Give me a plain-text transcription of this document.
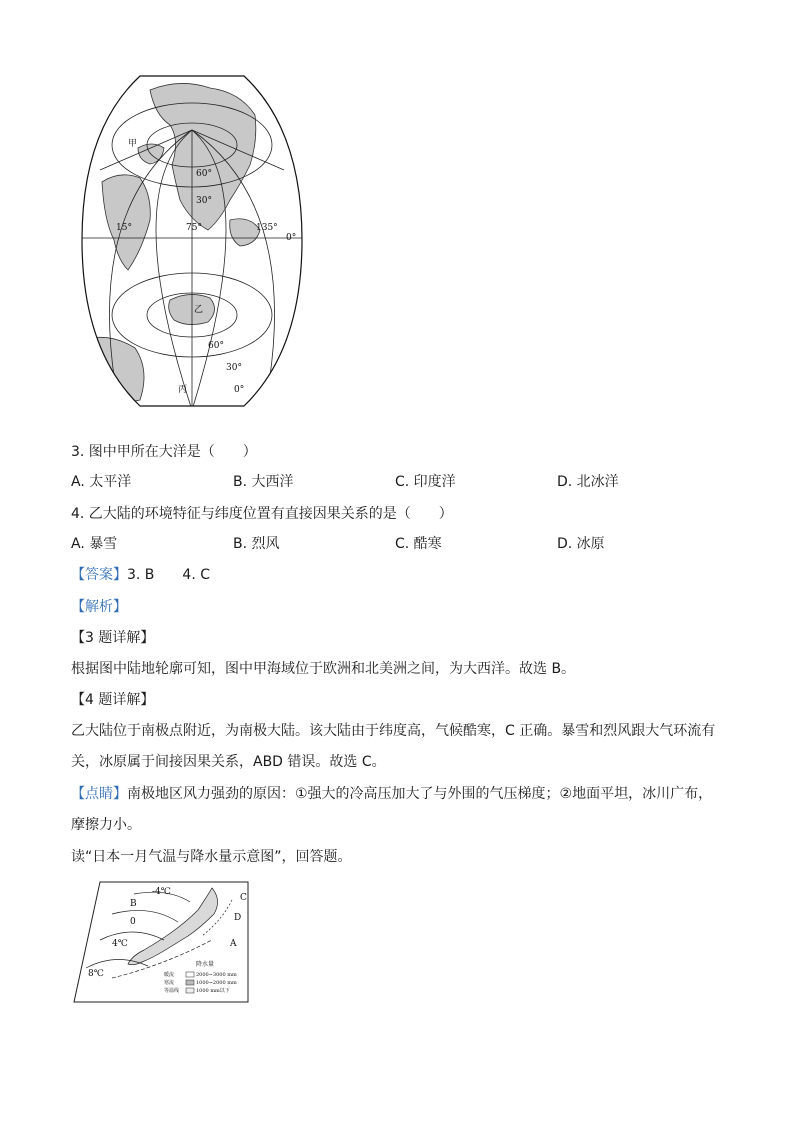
甲
60°
30°
15°	75°	135°
0°
乙
60°
30°
丙	0°
3. 图中甲所在大洋是（　　）
A. 太平洋	B. 大西洋	C. 印度洋	D. 北冰洋
4. 乙大陆的环境特征与纬度位置有直接因果关系的是（　　）
A. 暴雪	B. 烈风	C. 酷寒	D. 冰原
【答案】3. B　　4. C
【解析】
【3 题详解】
根据图中陆地轮廓可知，图中甲海域位于欧洲和北美洲之间，为大西洋。故选 B。
【4 题详解】
乙大陆位于南极点附近，为南极大陆。该大陆由于纬度高，气候酷寒，C 正确。暴雪和烈风跟大气环流有
关，冰原属于间接因果关系，ABD 错误。故选 C。
【点睛】南极地区风力强劲的原因：①强大的冷高压加大了与外围的气压梯度；②地面平坦，冰川广布，
摩擦力小。
读“日本一月气温与降水量示意图”，回答题。
-4℃
B
0
4℃
8℃
C
D
A
降水量
暖流
寒流
等温线
2000~3000 mm
1000~2000 mm
1000 mm以下
